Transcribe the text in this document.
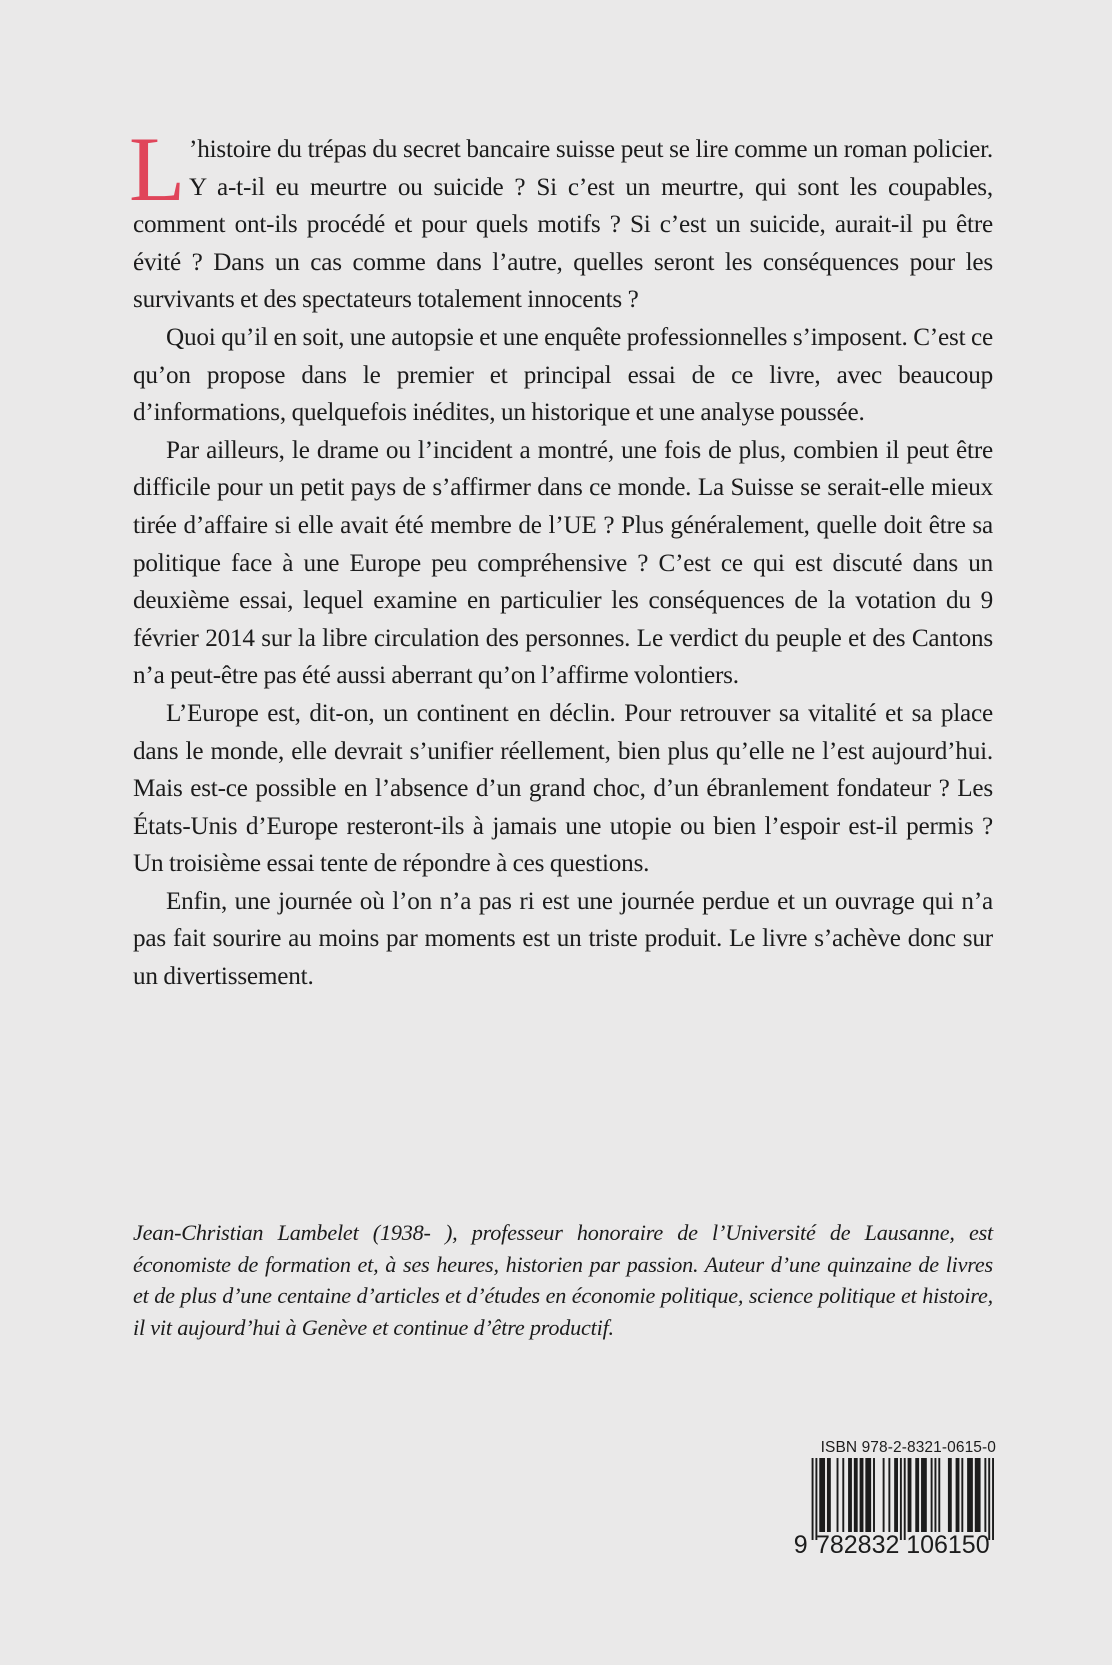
L ’histoire du trépas du secret bancaire suisse peut se lire comme un roman policier. Y a-t-il eu meurtre ou suicide ? Si c’est un meurtre, qui sont les coupables, comment ont-ils procédé et pour quels motifs ? Si c’est un suicide, aurait-il pu être évité ? Dans un cas comme dans l’autre, quelles seront les conséquences pour les survivants et des spectateurs totalement innocents ?

Quoi qu’il en soit, une autopsie et une enquête professionnelles s’imposent. C’est ce qu’on propose dans le premier et principal essai de ce livre, avec beaucoup d’informations, quelquefois inédites, un historique et une analyse poussée.

Par ailleurs, le drame ou l’incident a montré, une fois de plus, combien il peut être difficile pour un petit pays de s’affirmer dans ce monde. La Suisse se serait-elle mieux tirée d’affaire si elle avait été membre de l’UE ? Plus généralement, quelle doit être sa politique face à une Europe peu compréhensive ? C’est ce qui est discuté dans un deuxième essai, lequel examine en particulier les conséquences de la votation du 9 février 2014 sur la libre circulation des personnes. Le verdict du peuple et des Cantons n’a peut-être pas été aussi aberrant qu’on l’affirme volontiers.

L’Europe est, dit-on, un continent en déclin. Pour retrouver sa vitalité et sa place dans le monde, elle devrait s’unifier réellement, bien plus qu’elle ne l’est aujourd’hui. Mais est-ce possible en l’absence d’un grand choc, d’un ébranlement fondateur ? Les États-Unis d’Europe resteront-ils à jamais une utopie ou bien l’espoir est-il permis ? Un troisième essai tente de répondre à ces questions.

Enfin, une journée où l’on n’a pas ri est une journée perdue et un ouvrage qui n’a pas fait sourire au moins par moments est un triste produit. Le livre s’achève donc sur un divertissement.

Jean-Christian Lambelet (1938- ), professeur honoraire de l’Université de Lausanne, est économiste de formation et, à ses heures, historien par passion. Auteur d’une quinzaine de livres et de plus d’une centaine d’articles et d’études en économie politique, science politique et histoire, il vit aujourd’hui à Genève et continue d’être productif.

ISBN 978-2-8321-0615-0
9 782832 106150
